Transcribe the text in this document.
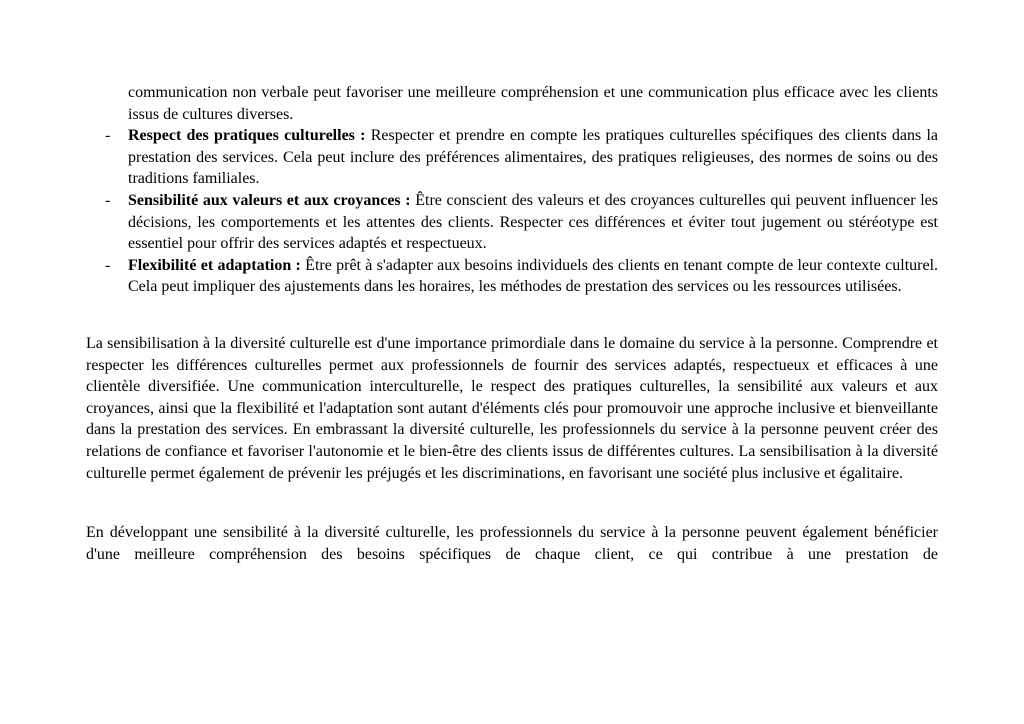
communication non verbale peut favoriser une meilleure compréhension et une communication plus efficace avec les clients issus de cultures diverses.
- Respect des pratiques culturelles : Respecter et prendre en compte les pratiques culturelles spécifiques des clients dans la prestation des services. Cela peut inclure des préférences alimentaires, des pratiques religieuses, des normes de soins ou des traditions familiales.
- Sensibilité aux valeurs et aux croyances : Être conscient des valeurs et des croyances culturelles qui peuvent influencer les décisions, les comportements et les attentes des clients. Respecter ces différences et éviter tout jugement ou stéréotype est essentiel pour offrir des services adaptés et respectueux.
- Flexibilité et adaptation : Être prêt à s'adapter aux besoins individuels des clients en tenant compte de leur contexte culturel. Cela peut impliquer des ajustements dans les horaires, les méthodes de prestation des services ou les ressources utilisées.

La sensibilisation à la diversité culturelle est d'une importance primordiale dans le domaine du service à la personne. Comprendre et respecter les différences culturelles permet aux professionnels de fournir des services adaptés, respectueux et efficaces à une clientèle diversifiée. Une communication interculturelle, le respect des pratiques culturelles, la sensibilité aux valeurs et aux croyances, ainsi que la flexibilité et l'adaptation sont autant d'éléments clés pour promouvoir une approche inclusive et bienveillante dans la prestation des services. En embrassant la diversité culturelle, les professionnels du service à la personne peuvent créer des relations de confiance et favoriser l'autonomie et le bien-être des clients issus de différentes cultures. La sensibilisation à la diversité culturelle permet également de prévenir les préjugés et les discriminations, en favorisant une société plus inclusive et égalitaire.

En développant une sensibilité à la diversité culturelle, les professionnels du service à la personne peuvent également bénéficier d'une meilleure compréhension des besoins spécifiques de chaque client, ce qui contribue à une prestation de
